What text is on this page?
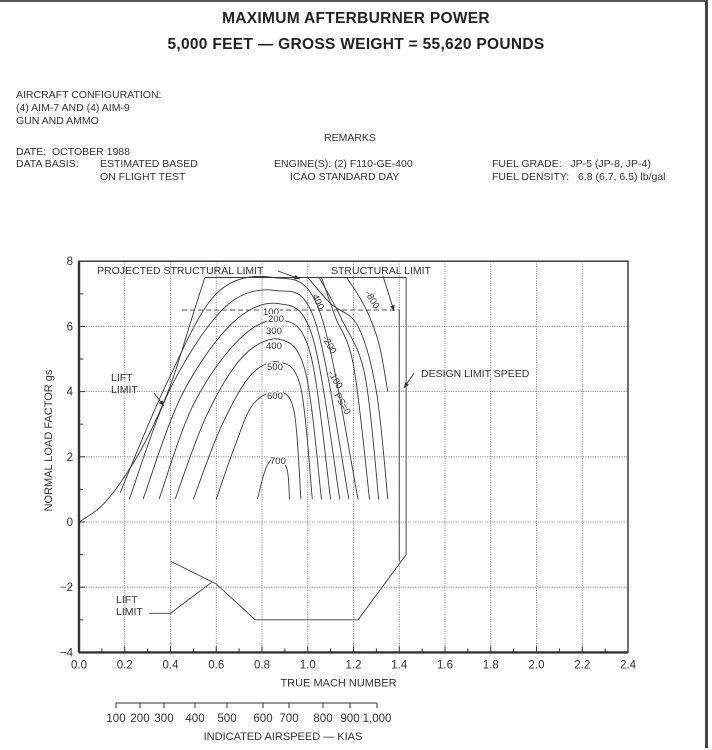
MAXIMUM AFTERBURNER POWER
5,000 FEET — GROSS WEIGHT = 55,620 POUNDS
AIRCRAFT CONFIGURATION:
(4) AIM-7 AND (4) AIM-9
GUN AND AMMO
REMARKS
DATE:  OCTOBER 1988
DATA BASIS: ESTIMATED BASED
ON FLIGHT TEST
ENGINE(S): (2) F110-GE-400
ICAO STANDARD DAY
FUEL GRADE:   JP-5 (JP-8, JP-4)
FUEL DENSITY:   6.8 (6.7, 6.5) lb/gal
0.0	0.2	0.4	0.6	0.8	1.0	1.2	1.4	1.6	1.8	2.0	2.2	2.4
−4
−2
0
2
4
6
8
TRUE MACH NUMBER
NORMAL LOAD FACTOR gs
100 200 300 400 500 600 700 800 900 1,000
INDICATED AIRSPEED — KIAS
PROJECTED STRUCTURAL LIMIT	STRUCTURAL LIMIT
LIFT
LIMIT
DESIGN LIMIT SPEED
LIFT
LIMIT
100
200
300
400
500
600
700
400
-200
-100
PS=0
-800
